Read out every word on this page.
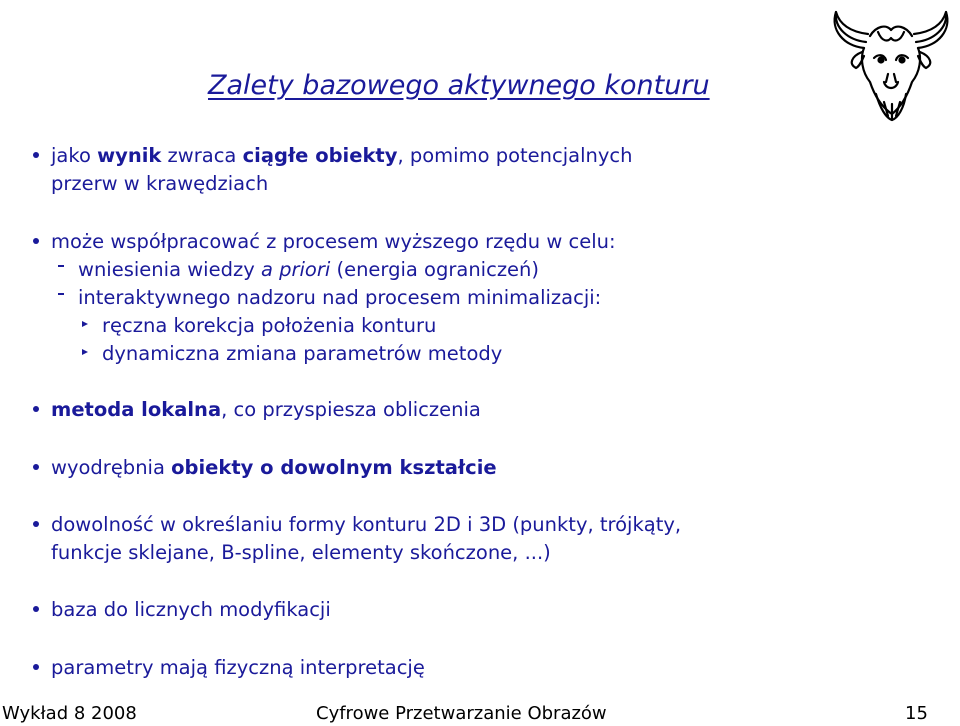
Zalety bazowego aktywnego konturu
jako wynik zwraca ciągłe obiekty, pomimo potencjalnych
przerw w krawędziach
może współpracować z procesem wyższego rzędu w celu:
wniesienia wiedzy a priori (energia ograniczeń)
interaktywnego nadzoru nad procesem minimalizacji:
ręczna korekcja położenia konturu
dynamiczna zmiana parametrów metody
metoda lokalna, co przyspiesza obliczenia
wyodrębnia obiekty o dowolnym kształcie
dowolność w określaniu formy konturu 2D i 3D (punkty, trójkąty,
funkcje sklejane, B-spline, elementy skończone, ...)
baza do licznych modyfikacji
parametry mają fizyczną interpretację
Wykład 8 2008	Cyfrowe Przetwarzanie Obrazów	15
